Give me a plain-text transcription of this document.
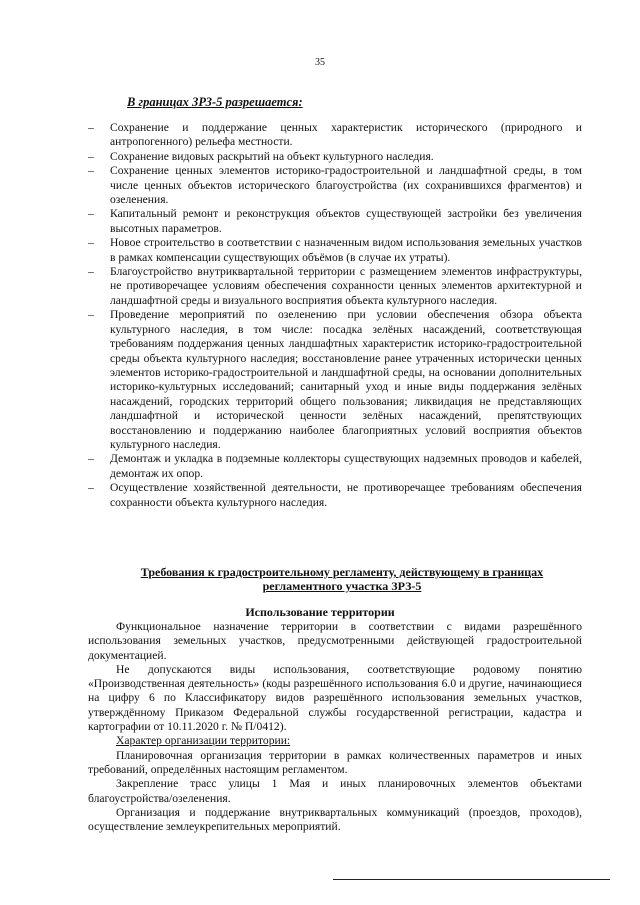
35
В границах ЗРЗ-5 разрешается:
– Сохранение и поддержание ценных характеристик исторического (природного и антропогенного) рельефа местности.
– Сохранение видовых раскрытий на объект культурного наследия.
– Сохранение ценных элементов историко-градостроительной и ландшафтной среды, в том числе ценных объектов исторического благоустройства (их сохранившихся фрагментов) и озеленения.
– Капитальный ремонт и реконструкция объектов существующей застройки без увеличения высотных параметров.
– Новое строительство в соответствии с назначенным видом использования земельных участков в рамках компенсации существующих объёмов (в случае их утраты).
– Благоустройство внутриквартальной территории с размещением элементов инфраструктуры, не противоречащее условиям обеспечения сохранности ценных элементов архитектурной и ландшафтной среды и визуального восприятия объекта культурного наследия.
– Проведение мероприятий по озеленению при условии обеспечения обзора объекта культурного наследия, в том числе: посадка зелёных насаждений, соответствующая требованиям поддержания ценных ландшафтных характеристик историко-градостроительной среды объекта культурного наследия; восстановление ранее утраченных исторически ценных элементов историко-градостроительной и ландшафтной среды, на основании дополнительных историко-культурных исследований; санитарный уход и иные виды поддержания зелёных насаждений, городских территорий общего пользования; ликвидация не представляющих ландшафтной и исторической ценности зелёных насаждений, препятствующих восстановлению и поддержанию наиболее благоприятных условий восприятия объектов культурного наследия.
– Демонтаж и укладка в подземные коллекторы существующих надземных проводов и кабелей, демонтаж их опор.
– Осуществление хозяйственной деятельности, не противоречащее требованиям обеспечения сохранности объекта культурного наследия.
Требования к градостроительному регламенту, действующему в границах
регламентного участка ЗРЗ-5
Использование территории

Функциональное назначение территории в соответствии с видами разрешённого использования земельных участков, предусмотренными действующей градостроительной документацией.

Не допускаются виды использования, соответствующие родовому понятию «Производственная деятельность» (коды разрешённого использования 6.0 и другие, начинающиеся на цифру 6 по Классификатору видов разрешённого использования земельных участков, утверждённому Приказом Федеральной службы государственной регистрации, кадастра и картографии от 10.11.2020 г. № П/0412).

Характер организации территории:

Планировочная организация территории в рамках количественных параметров и иных требований, определённых настоящим регламентом.

Закрепление трасс улицы 1 Мая и иных планировочных элементов объектами благоустройства/озеленения.

Организация и поддержание внутриквартальных коммуникаций (проездов, проходов), осуществление землеукрепительных мероприятий.
